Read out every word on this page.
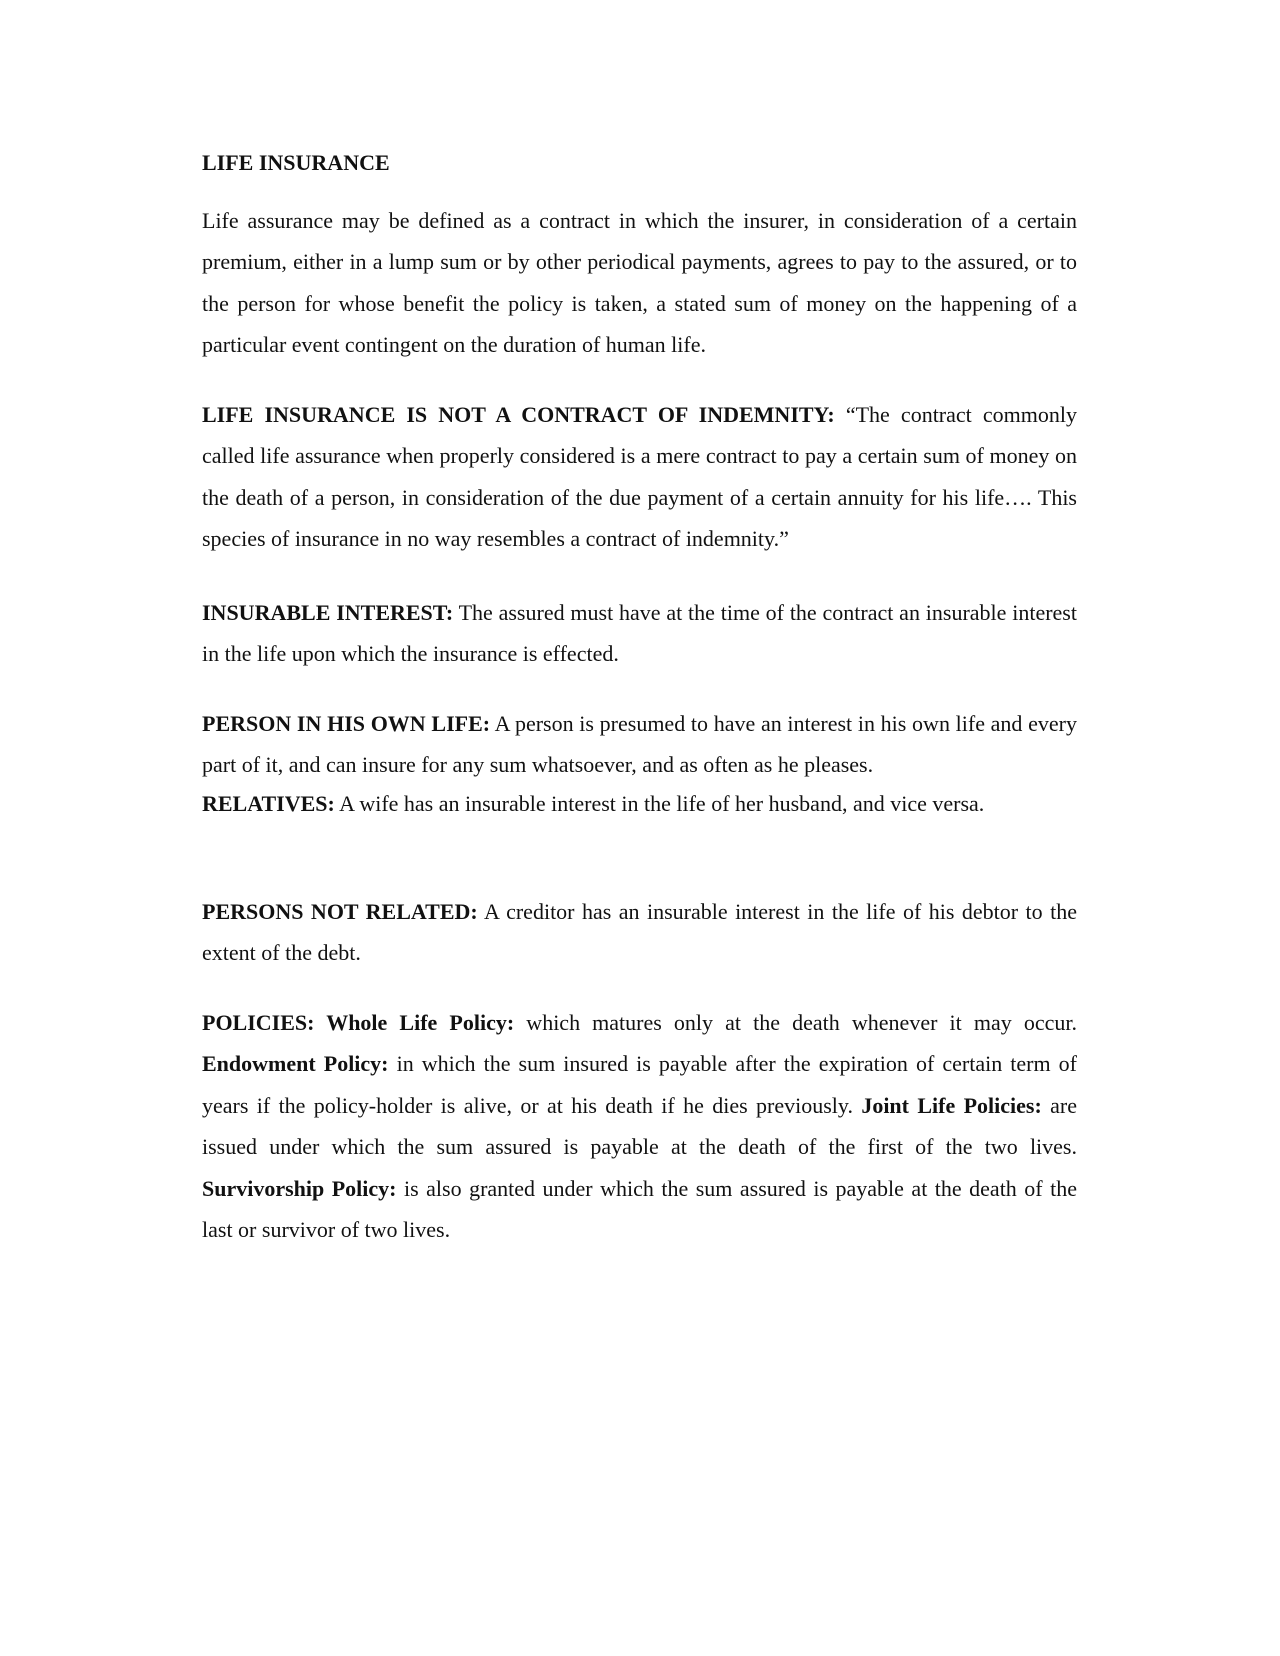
LIFE INSURANCE

Life assurance may be defined as a contract in which the insurer, in consideration of a certain premium, either in a lump sum or by other periodical payments, agrees to pay to the assured, or to the person for whose benefit the policy is taken, a stated sum of money on the happening of a particular event contingent on the duration of human life.

LIFE INSURANCE IS NOT A CONTRACT OF INDEMNITY: “The contract commonly called life assurance when properly considered is a mere contract to pay a certain sum of money on the death of a person, in consideration of the due payment of a certain annuity for his life…. This species of insurance in no way resembles a contract of indemnity.”

INSURABLE INTEREST: The assured must have at the time of the contract an insurable interest in the life upon which the insurance is effected.

PERSON IN HIS OWN LIFE: A person is presumed to have an interest in his own life and every part of it, and can insure for any sum whatsoever, and as often as he pleases.

RELATIVES: A wife has an insurable interest in the life of her husband, and vice versa.

PERSONS NOT RELATED: A creditor has an insurable interest in the life of his debtor to the extent of the debt.

POLICIES: Whole Life Policy: which matures only at the death whenever it may occur. Endowment Policy: in which the sum insured is payable after the expiration of certain term of years if the policy-holder is alive, or at his death if he dies previously. Joint Life Policies: are issued under which the sum assured is payable at the death of the first of the two lives. Survivorship Policy: is also granted under which the sum assured is payable at the death of the last or survivor of two lives.
